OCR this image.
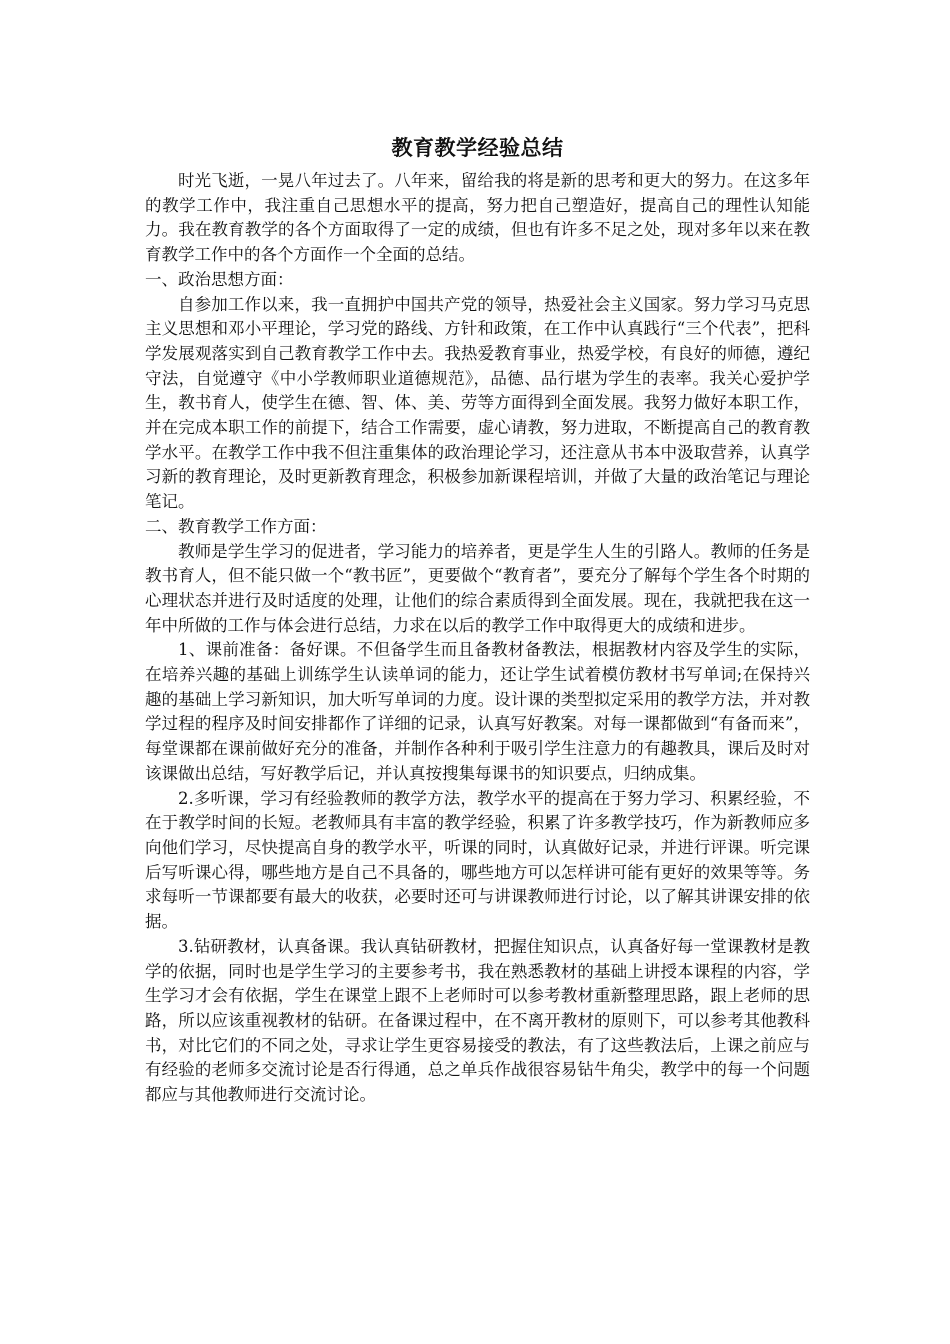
教育教学经验总结

时光飞逝，一晃八年过去了。八年来，留给我的将是新的思考和更大的努力。在这多年的教学工作中，我注重自己思想水平的提高，努力把自己塑造好，提高自己的理性认知能力。我在教育教学的各个方面取得了一定的成绩，但也有许多不足之处，现对多年以来在教育教学工作中的各个方面作一个全面的总结。

一、政治思想方面：

自参加工作以来，我一直拥护中国共产党的领导，热爱社会主义国家。努力学习马克思主义思想和邓小平理论，学习党的路线、方针和政策，在工作中认真践行“三个代表”，把科学发展观落实到自己教育教学工作中去。我热爱教育事业，热爱学校，有良好的师德，遵纪守法，自觉遵守《中小学教师职业道德规范》，品德、品行堪为学生的表率。我关心爱护学生，教书育人，使学生在德、智、体、美、劳等方面得到全面发展。我努力做好本职工作，并在完成本职工作的前提下，结合工作需要，虚心请教，努力进取，不断提高自己的教育教学水平。在教学工作中我不但注重集体的政治理论学习，还注意从书本中汲取营养，认真学习新的教育理论，及时更新教育理念，积极参加新课程培训，并做了大量的政治笔记与理论笔记。

二、教育教学工作方面：

教师是学生学习的促进者，学习能力的培养者，更是学生人生的引路人。教师的任务是教书育人，但不能只做一个“教书匠”，更要做个“教育者”，要充分了解每个学生各个时期的心理状态并进行及时适度的处理，让他们的综合素质得到全面发展。现在，我就把我在这一年中所做的工作与体会进行总结，力求在以后的教学工作中取得更大的成绩和进步。

1、课前准备：备好课。不但备学生而且备教材备教法，根据教材内容及学生的实际，在培养兴趣的基础上训练学生认读单词的能力，还让学生试着模仿教材书写单词;在保持兴趣的基础上学习新知识，加大听写单词的力度。设计课的类型拟定采用的教学方法，并对教学过程的程序及时间安排都作了详细的记录，认真写好教案。对每一课都做到“有备而来”，每堂课都在课前做好充分的准备，并制作各种利于吸引学生注意力的有趣教具，课后及时对该课做出总结，写好教学后记，并认真按搜集每课书的知识要点，归纳成集。

2.多听课，学习有经验教师的教学方法，教学水平的提高在于努力学习、积累经验，不在于教学时间的长短。老教师具有丰富的教学经验，积累了许多教学技巧，作为新教师应多向他们学习，尽快提高自身的教学水平，听课的同时，认真做好记录，并进行评课。听完课后写听课心得，哪些地方是自己不具备的，哪些地方可以怎样讲可能有更好的效果等等。务求每听一节课都要有最大的收获，必要时还可与讲课教师进行讨论，以了解其讲课安排的依据。

3.钻研教材，认真备课。我认真钻研教材，把握住知识点，认真备好每一堂课教材是教学的依据，同时也是学生学习的主要参考书，我在熟悉教材的基础上讲授本课程的内容，学生学习才会有依据，学生在课堂上跟不上老师时可以参考教材重新整理思路，跟上老师的思路，所以应该重视教材的钻研。在备课过程中，在不离开教材的原则下，可以参考其他教科书，对比它们的不同之处，寻求让学生更容易接受的教法，有了这些教法后，上课之前应与有经验的老师多交流讨论是否行得通，总之单兵作战很容易钻牛角尖，教学中的每一个问题都应与其他教师进行交流讨论。
